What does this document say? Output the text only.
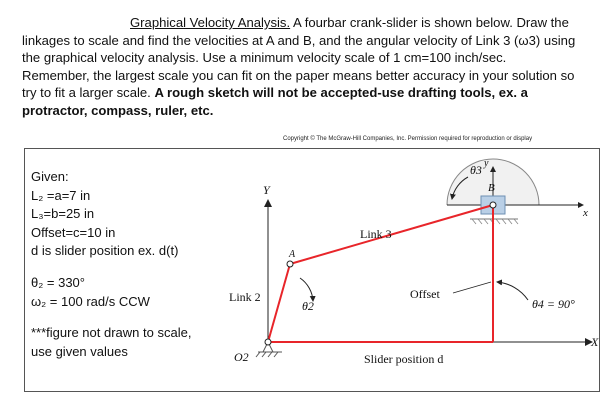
Graphical Velocity Analysis. A fourbar crank-slider is shown below. Draw the
linkages to scale and find the velocities at A and B, and the angular velocity of Link 3 (ω3) using
the graphical velocity analysis. Use a minimum velocity scale of 1 cm=100 inch/sec.
Remember, the largest scale you can fit on the paper means better accuracy in your solution so
try to fit a larger scale. A rough sketch will not be accepted-use drafting tools, ex. a
protractor, compass, ruler, etc.
Copyright © The McGraw-Hill Companies, Inc. Permission required for reproduction or display
Given:
L₂ =a=7 in
L₃=b=25 in
Offset=c=10 in
d is slider position ex. d(t)
θ₂ = 330°
ω₂ = 100 rad/s CCW
***figure not drawn to scale,
use given values
Y
X
y
x
A
B
Link 2
Link 3
θ2
θ3
θ4 = 90°
O2
Offset
Slider position d
